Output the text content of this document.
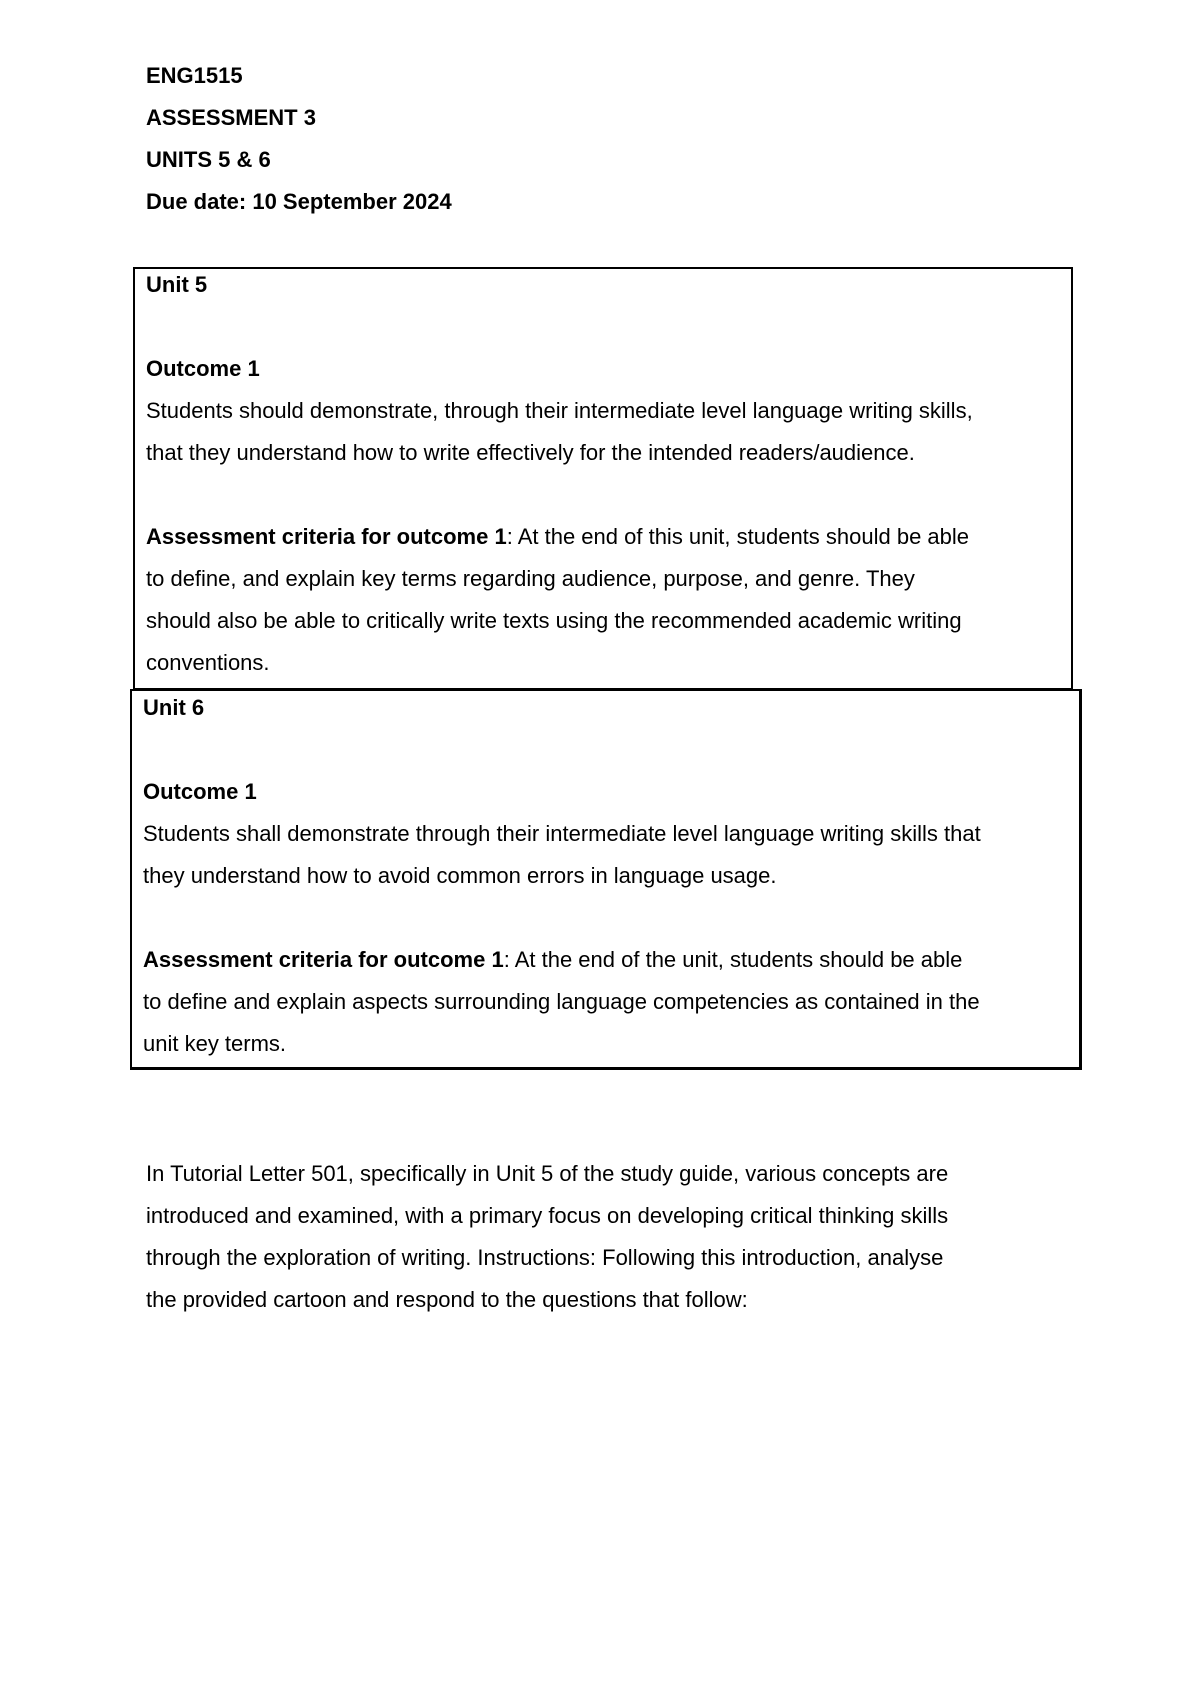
ENG1515
ASSESSMENT 3
UNITS 5 & 6
Due date: 10 September 2024
Unit 5
Outcome 1
Students should demonstrate, through their intermediate level language writing skills,
that they understand how to write effectively for the intended readers/audience.
Assessment criteria for outcome 1: At the end of this unit, students should be able
to define, and explain key terms regarding audience, purpose, and genre. They
should also be able to critically write texts using the recommended academic writing
conventions.
Unit 6
Outcome 1
Students shall demonstrate through their intermediate level language writing skills that
they understand how to avoid common errors in language usage.
Assessment criteria for outcome 1: At the end of the unit, students should be able
to define and explain aspects surrounding language competencies as contained in the
unit key terms.
In Tutorial Letter 501, specifically in Unit 5 of the study guide, various concepts are
introduced and examined, with a primary focus on developing critical thinking skills
through the exploration of writing. Instructions: Following this introduction, analyse
the provided cartoon and respond to the questions that follow:
